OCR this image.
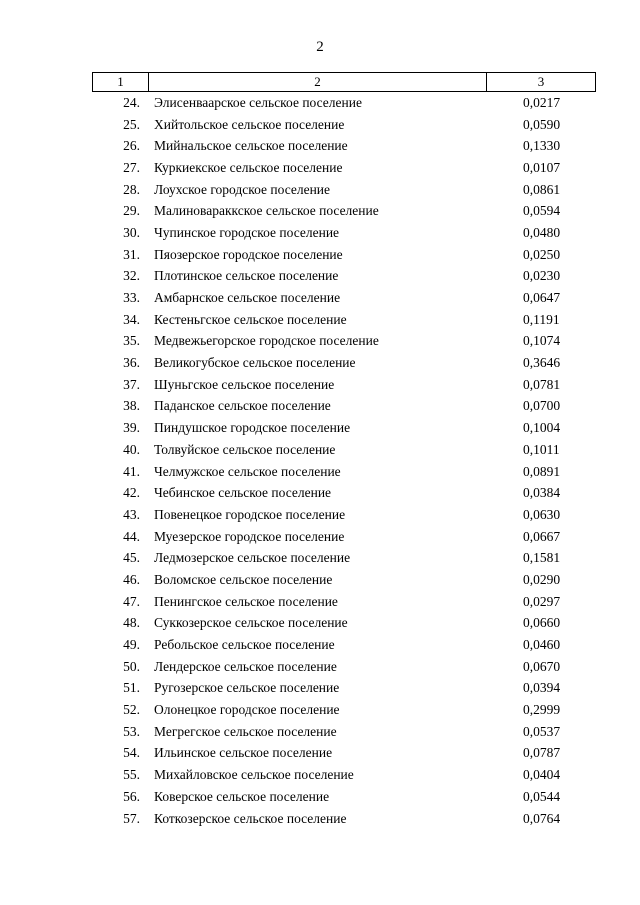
2
1	2	3
24.	Элисенваарское сельское поселение	0,0217
25.	Хийтольское сельское поселение	0,0590
26.	Мийнальское сельское поселение	0,1330
27.	Куркиекское сельское поселение	0,0107
28.	Лоухское городское поселение	0,0861
29.	Малиновараккское сельское поселение	0,0594
30.	Чупинское городское поселение	0,0480
31.	Пяозерское городское поселение	0,0250
32.	Плотинское сельское поселение	0,0230
33.	Амбарнское сельское поселение	0,0647
34.	Кестеньгское сельское поселение	0,1191
35.	Медвежьегорское городское поселение	0,1074
36.	Великогубское сельское поселение	0,3646
37.	Шуньгское сельское поселение	0,0781
38.	Паданское сельское поселение	0,0700
39.	Пиндушское городское поселение	0,1004
40.	Толвуйское сельское поселение	0,1011
41.	Челмужское сельское поселение	0,0891
42.	Чебинское сельское поселение	0,0384
43.	Повенецкое городское поселение	0,0630
44.	Муезерское городское поселение	0,0667
45.	Ледмозерское сельское поселение	0,1581
46.	Воломское сельское поселение	0,0290
47.	Пенингское сельское поселение	0,0297
48.	Суккозерское сельское поселение	0,0660
49.	Ребольское сельское поселение	0,0460
50.	Лендерское сельское поселение	0,0670
51.	Ругозерское сельское поселение	0,0394
52.	Олонецкое городское поселение	0,2999
53.	Мегрегское сельское поселение	0,0537
54.	Ильинское сельское поселение	0,0787
55.	Михайловское сельское поселение	0,0404
56.	Коверское сельское поселение	0,0544
57.	Коткозерское сельское поселение	0,0764
